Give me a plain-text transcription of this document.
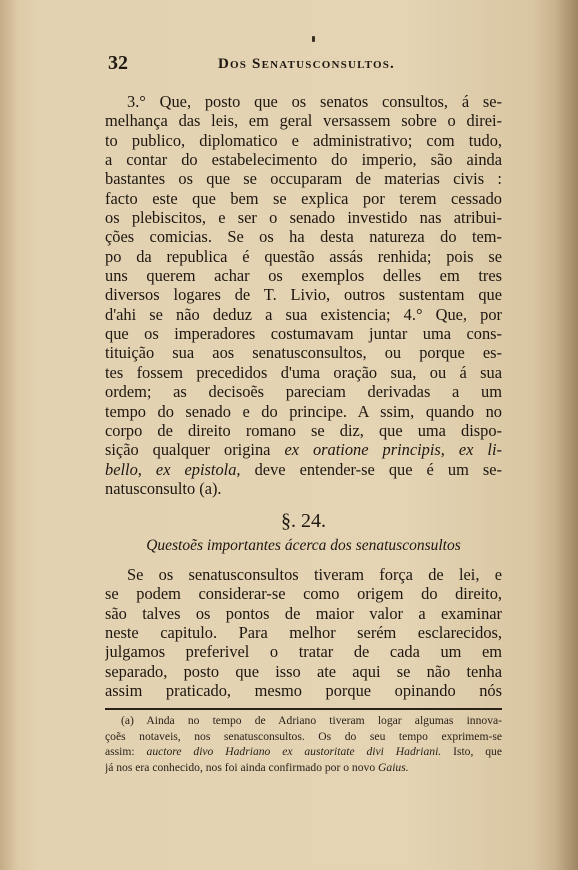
32	Dos Senatusconsultos.
3.° Que, posto que os senatos consultos, á se-
melhança das leis, em geral versassem sobre o direi-
to publico, diplomatico e administrativo; com tudo,
a contar do estabelecimento do imperio, são ainda
bastantes os que se occuparam de materias civis :
facto este que bem se explica por terem cessado
os plebiscitos, e ser o senado investido nas atribui-
ções comicias. Se os ha desta natureza do tem-
po da republica é questão assás renhida; pois se
uns querem achar os exemplos delles em tres
diversos logares de T. Livio, outros sustentam que
d'ahi se não deduz a sua existencia; 4.° Que, por
que os imperadores costumavam juntar uma cons-
tituição sua aos senatusconsultos, ou porque es-
tes fossem precedidos d'uma oração sua, ou á sua
ordem; as decisoẽs pareciam derivadas a um
tempo do senado e do principe. A ssim, quando no
corpo de direito romano se diz, que uma dispo-
sição qualquer origina ex oratione principis, ex li-
bello, ex epistola, deve entender-se que é um se-
natusconsulto (a).
§. 24.
Questoẽs importantes ácerca dos senatusconsultos
Se os senatusconsultos tiveram força de lei, e
se podem considerar-se como origem do direito,
são talves os pontos de maior valor a examinar
neste capitulo. Para melhor serém esclarecidos,
julgamos preferivel o tratar de cada um em
separado, posto que isso ate aqui se não tenha
assim praticado, mesmo porque opinando nós
(a) Ainda no tempo de Adriano tiveram logar algumas innova-
çoẽs notaveis, nos senatusconsultos. Os do seu tempo exprimem-se
assim: auctore divo Hadriano ex austoritate divi Hadriani. Isto, que
já nos era conhecido, nos foi ainda confirmado por o novo Gaius.
